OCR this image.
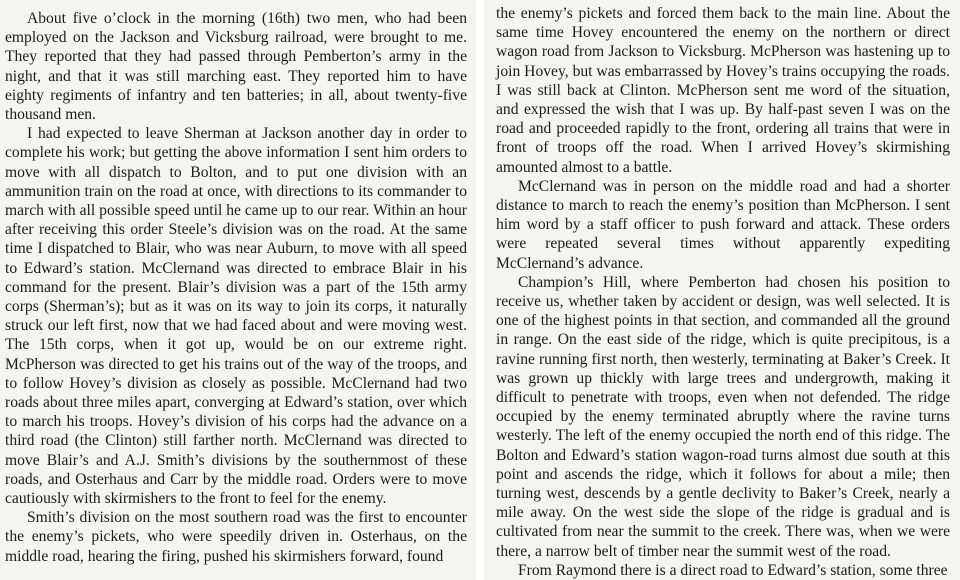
About five o’clock in the morning (16th) two men, who had been employed on the Jackson and Vicksburg railroad, were brought to me. They reported that they had passed through Pemberton’s army in the night, and that it was still marching east. They reported him to have eighty regiments of infantry and ten batteries; in all, about twenty-five thousand men.

I had expected to leave Sherman at Jackson another day in order to complete his work; but getting the above information I sent him orders to move with all dispatch to Bolton, and to put one division with an ammunition train on the road at once, with directions to its commander to march with all possible speed until he came up to our rear. Within an hour after receiving this order Steele’s division was on the road. At the same time I dispatched to Blair, who was near Auburn, to move with all speed to Edward’s station. McClernand was directed to embrace Blair in his command for the present. Blair’s division was a part of the 15th army corps (Sherman’s); but as it was on its way to join its corps, it naturally struck our left first, now that we had faced about and were moving west. The 15th corps, when it got up, would be on our extreme right. McPherson was directed to get his trains out of the way of the troops, and to follow Hovey’s division as closely as possible. McClernand had two roads about three miles apart, converging at Edward’s station, over which to march his troops. Hovey’s division of his corps had the advance on a third road (the Clinton) still farther north. McClernand was directed to move Blair’s and A.J. Smith’s divisions by the southernmost of these roads, and Osterhaus and Carr by the middle road. Orders were to move cautiously with skirmishers to the front to feel for the enemy.

Smith’s division on the most southern road was the first to encounter the enemy’s pickets, who were speedily driven in. Osterhaus, on the middle road, hearing the firing, pushed his skirmishers forward, found

the enemy’s pickets and forced them back to the main line. About the same time Hovey encountered the enemy on the northern or direct wagon road from Jackson to Vicksburg. McPherson was hastening up to join Hovey, but was embarrassed by Hovey’s trains occupying the roads. I was still back at Clinton. McPherson sent me word of the situation, and expressed the wish that I was up. By half-past seven I was on the road and proceeded rapidly to the front, ordering all trains that were in front of troops off the road. When I arrived Hovey’s skirmishing amounted almost to a battle.

McClernand was in person on the middle road and had a shorter distance to march to reach the enemy’s position than McPherson. I sent him word by a staff officer to push forward and attack. These orders were repeated several times without apparently expediting McClernand’s advance.

Champion’s Hill, where Pemberton had chosen his position to receive us, whether taken by accident or design, was well selected. It is one of the highest points in that section, and commanded all the ground in range. On the east side of the ridge, which is quite precipitous, is a ravine running first north, then westerly, terminating at Baker’s Creek. It was grown up thickly with large trees and undergrowth, making it difficult to penetrate with troops, even when not defended. The ridge occupied by the enemy terminated abruptly where the ravine turns westerly. The left of the enemy occupied the north end of this ridge. The Bolton and Edward’s station wagon-road turns almost due south at this point and ascends the ridge, which it follows for about a mile; then turning west, descends by a gentle declivity to Baker’s Creek, nearly a mile away. On the west side the slope of the ridge is gradual and is cultivated from near the summit to the creek. There was, when we were there, a narrow belt of timber near the summit west of the road.

From Raymond there is a direct road to Edward’s station, some three
